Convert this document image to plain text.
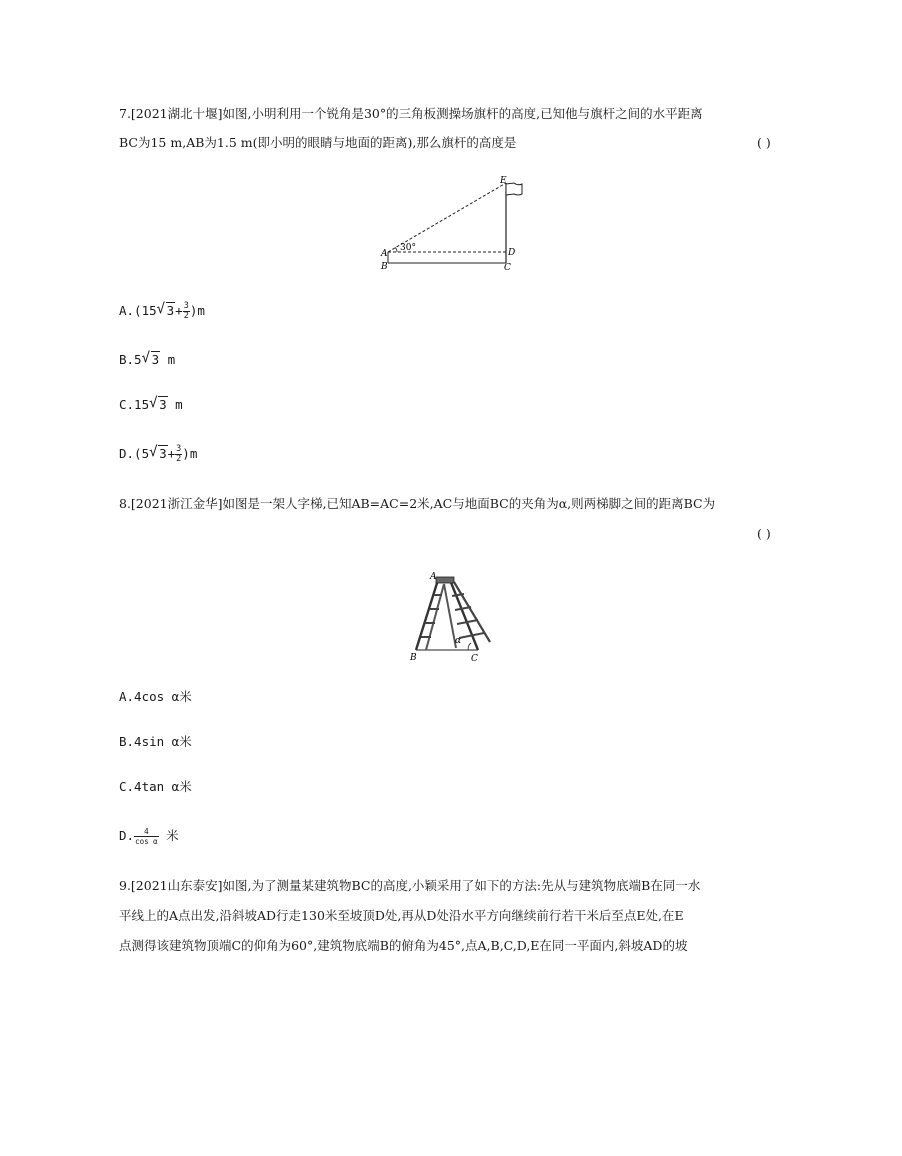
7.[2021湖北十堰]如图,小明利用一个锐角是30°的三角板测操场旗杆的高度,已知他与旗杆之间的水平距离
BC为15 m,AB为1.5 m(即小明的眼睛与地面的距离),那么旗杆的高度是	( )
E
A
B
D
C
30°
A.(15 √ $3+ \frac{3}{2} )m$
B.5 √ 3 m
C.15 √ 3 m
D.(5 √ $3+ \frac{3}{2} )m$
8.[2021浙江金华]如图是一架人字梯,已知AB=AC=2米,AC与地面BC的夹角为α,则两梯脚之间的距离BC为
( )
A
B	C
α
A.4cos α米
B.4sin α米
C.4tan α米
D. $\frac{4}{\text{cos α}}$ 米
9.[2021山东泰安]如图,为了测量某建筑物BC的高度,小颖采用了如下的方法:先从与建筑物底端B在同一水
平线上的A点出发,沿斜坡AD行走130米至坡顶D处,再从D处沿水平方向继续前行若干米后至点E处,在E
点测得该建筑物顶端C的仰角为60°,建筑物底端B的俯角为45°,点A,B,C,D,E在同一平面内,斜坡AD的坡
